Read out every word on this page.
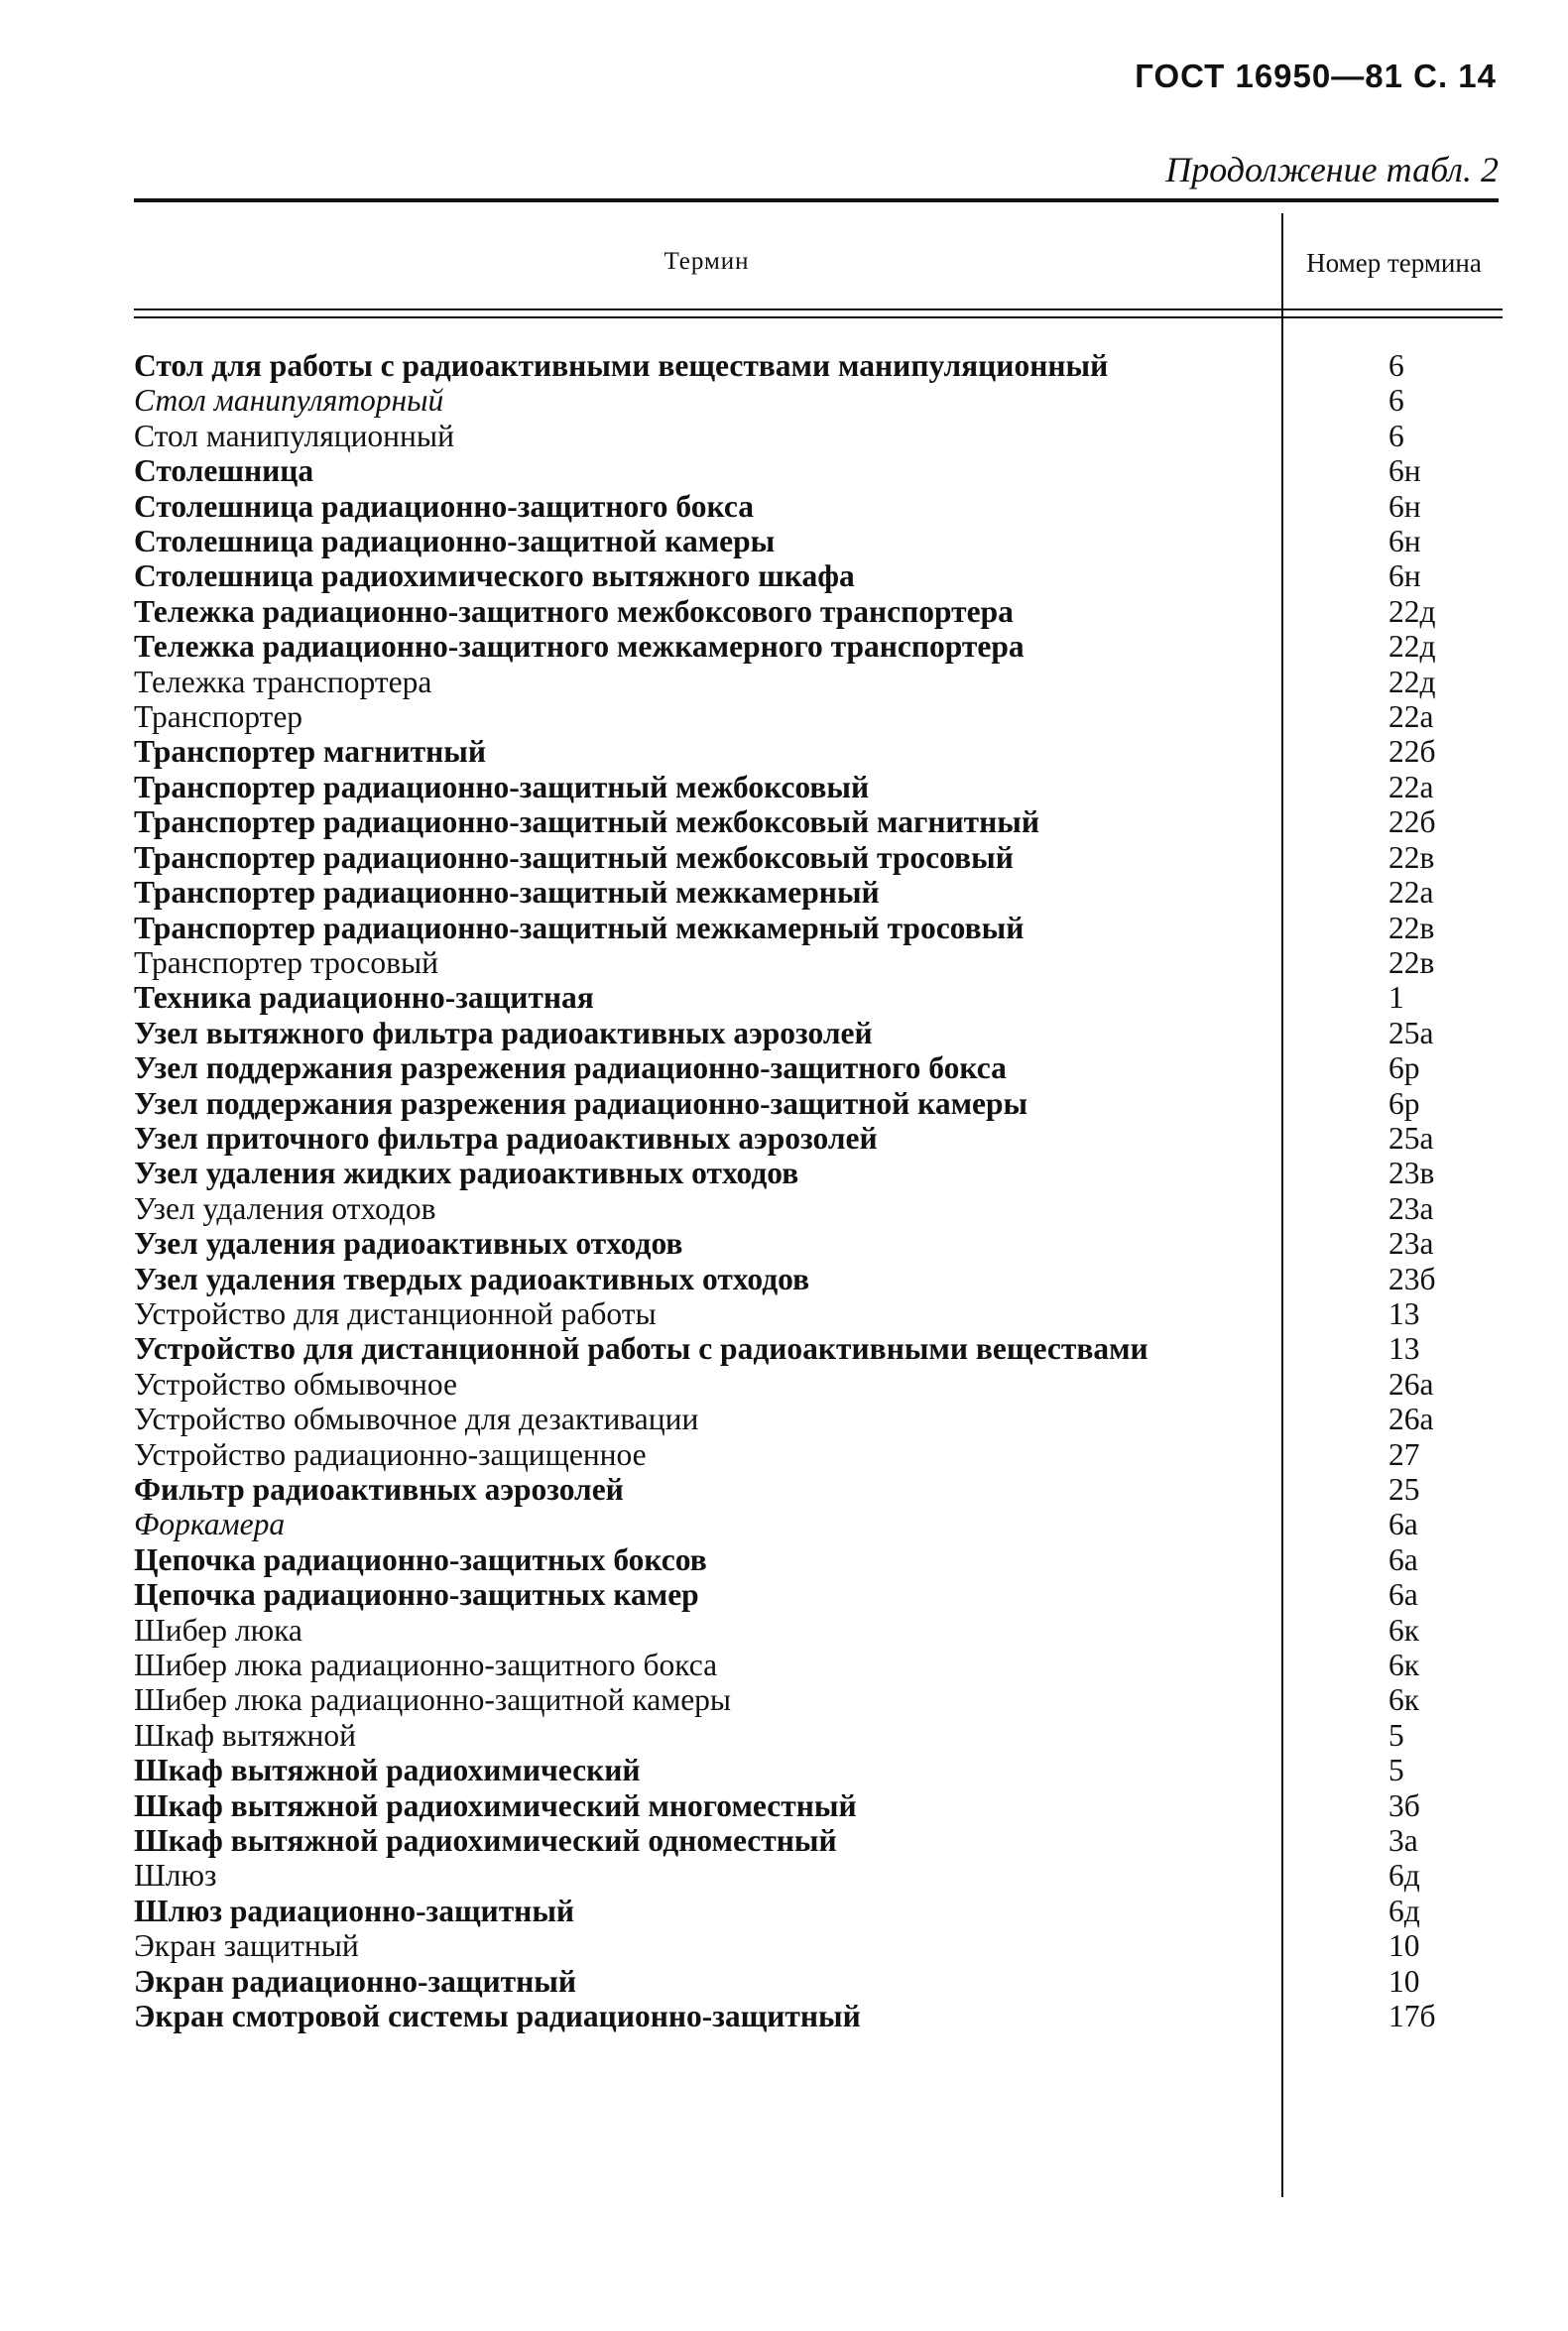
ГОСТ 16950—81 С. 14
Продолжение табл. 2
Термин	Номер термина
Стол для работы с радиоактивными веществами манипуляционный	6
Стол манипуляторный	6
Стол манипуляционный	6
Столешница	6н
Столешница радиационно-защитного бокса	6н
Столешница радиационно-защитной камеры	6н
Столешница радиохимического вытяжного шкафа	6н
Тележка радиационно-защитного межбоксового транспортера	22д
Тележка радиационно-защитного межкамерного транспортера	22д
Тележка транспортера	22д
Транспортер	22а
Транспортер магнитный	22б
Транспортер радиационно-защитный межбоксовый	22а
Транспортер радиационно-защитный межбоксовый магнитный	22б
Транспортер радиационно-защитный межбоксовый тросовый	22в
Транспортер радиационно-защитный межкамерный	22а
Транспортер радиационно-защитный межкамерный тросовый	22в
Транспортер тросовый	22в
Техника радиационно-защитная	1
Узел вытяжного фильтра радиоактивных аэрозолей	25а
Узел поддержания разрежения радиационно-защитного бокса	6р
Узел поддержания разрежения радиационно-защитной камеры	6р
Узел приточного фильтра радиоактивных аэрозолей	25а
Узел удаления жидких радиоактивных отходов	23в
Узел удаления отходов	23а
Узел удаления радиоактивных отходов	23а
Узел удаления твердых радиоактивных отходов	23б
Устройство для дистанционной работы	13
Устройство для дистанционной работы с радиоактивными веществами	13
Устройство обмывочное	26а
Устройство обмывочное для дезактивации	26а
Устройство радиационно-защищенное	27
Фильтр радиоактивных аэрозолей	25
Форкамера	6а
Цепочка радиационно-защитных боксов	6а
Цепочка радиационно-защитных камер	6а
Шибер люка	6к
Шибер люка радиационно-защитного бокса	6к
Шибер люка радиационно-защитной камеры	6к
Шкаф вытяжной	5
Шкаф вытяжной радиохимический	5
Шкаф вытяжной радиохимический многоместный	3б
Шкаф вытяжной радиохимический одноместный	3а
Шлюз	6д
Шлюз радиационно-защитный	6д
Экран защитный	10
Экран радиационно-защитный	10
Экран смотровой системы радиационно-защитный	17б
